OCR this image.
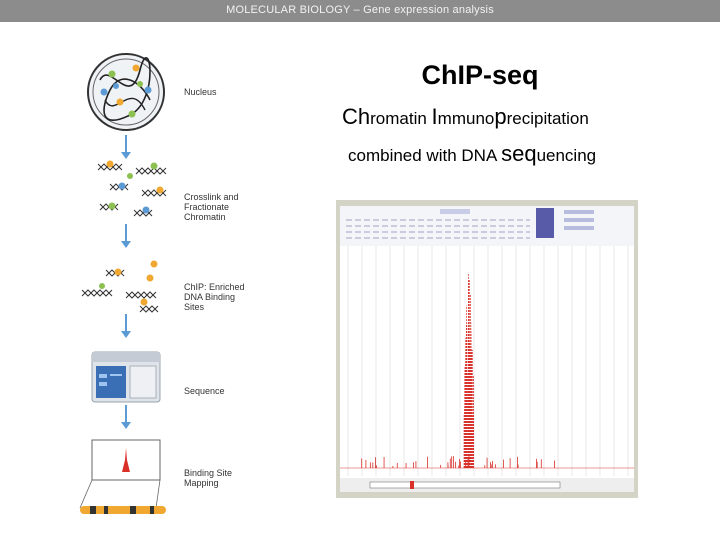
MOLECULAR BIOLOGY – Gene expression analysis
Nucleus
Crosslink and Fractionate Chromatin
ChIP: Enriched DNA Binding Sites
Sequence
Binding Site Mapping
ChIP-seq
Chromatin Immunoprecipitation
combined with DNA sequencing
